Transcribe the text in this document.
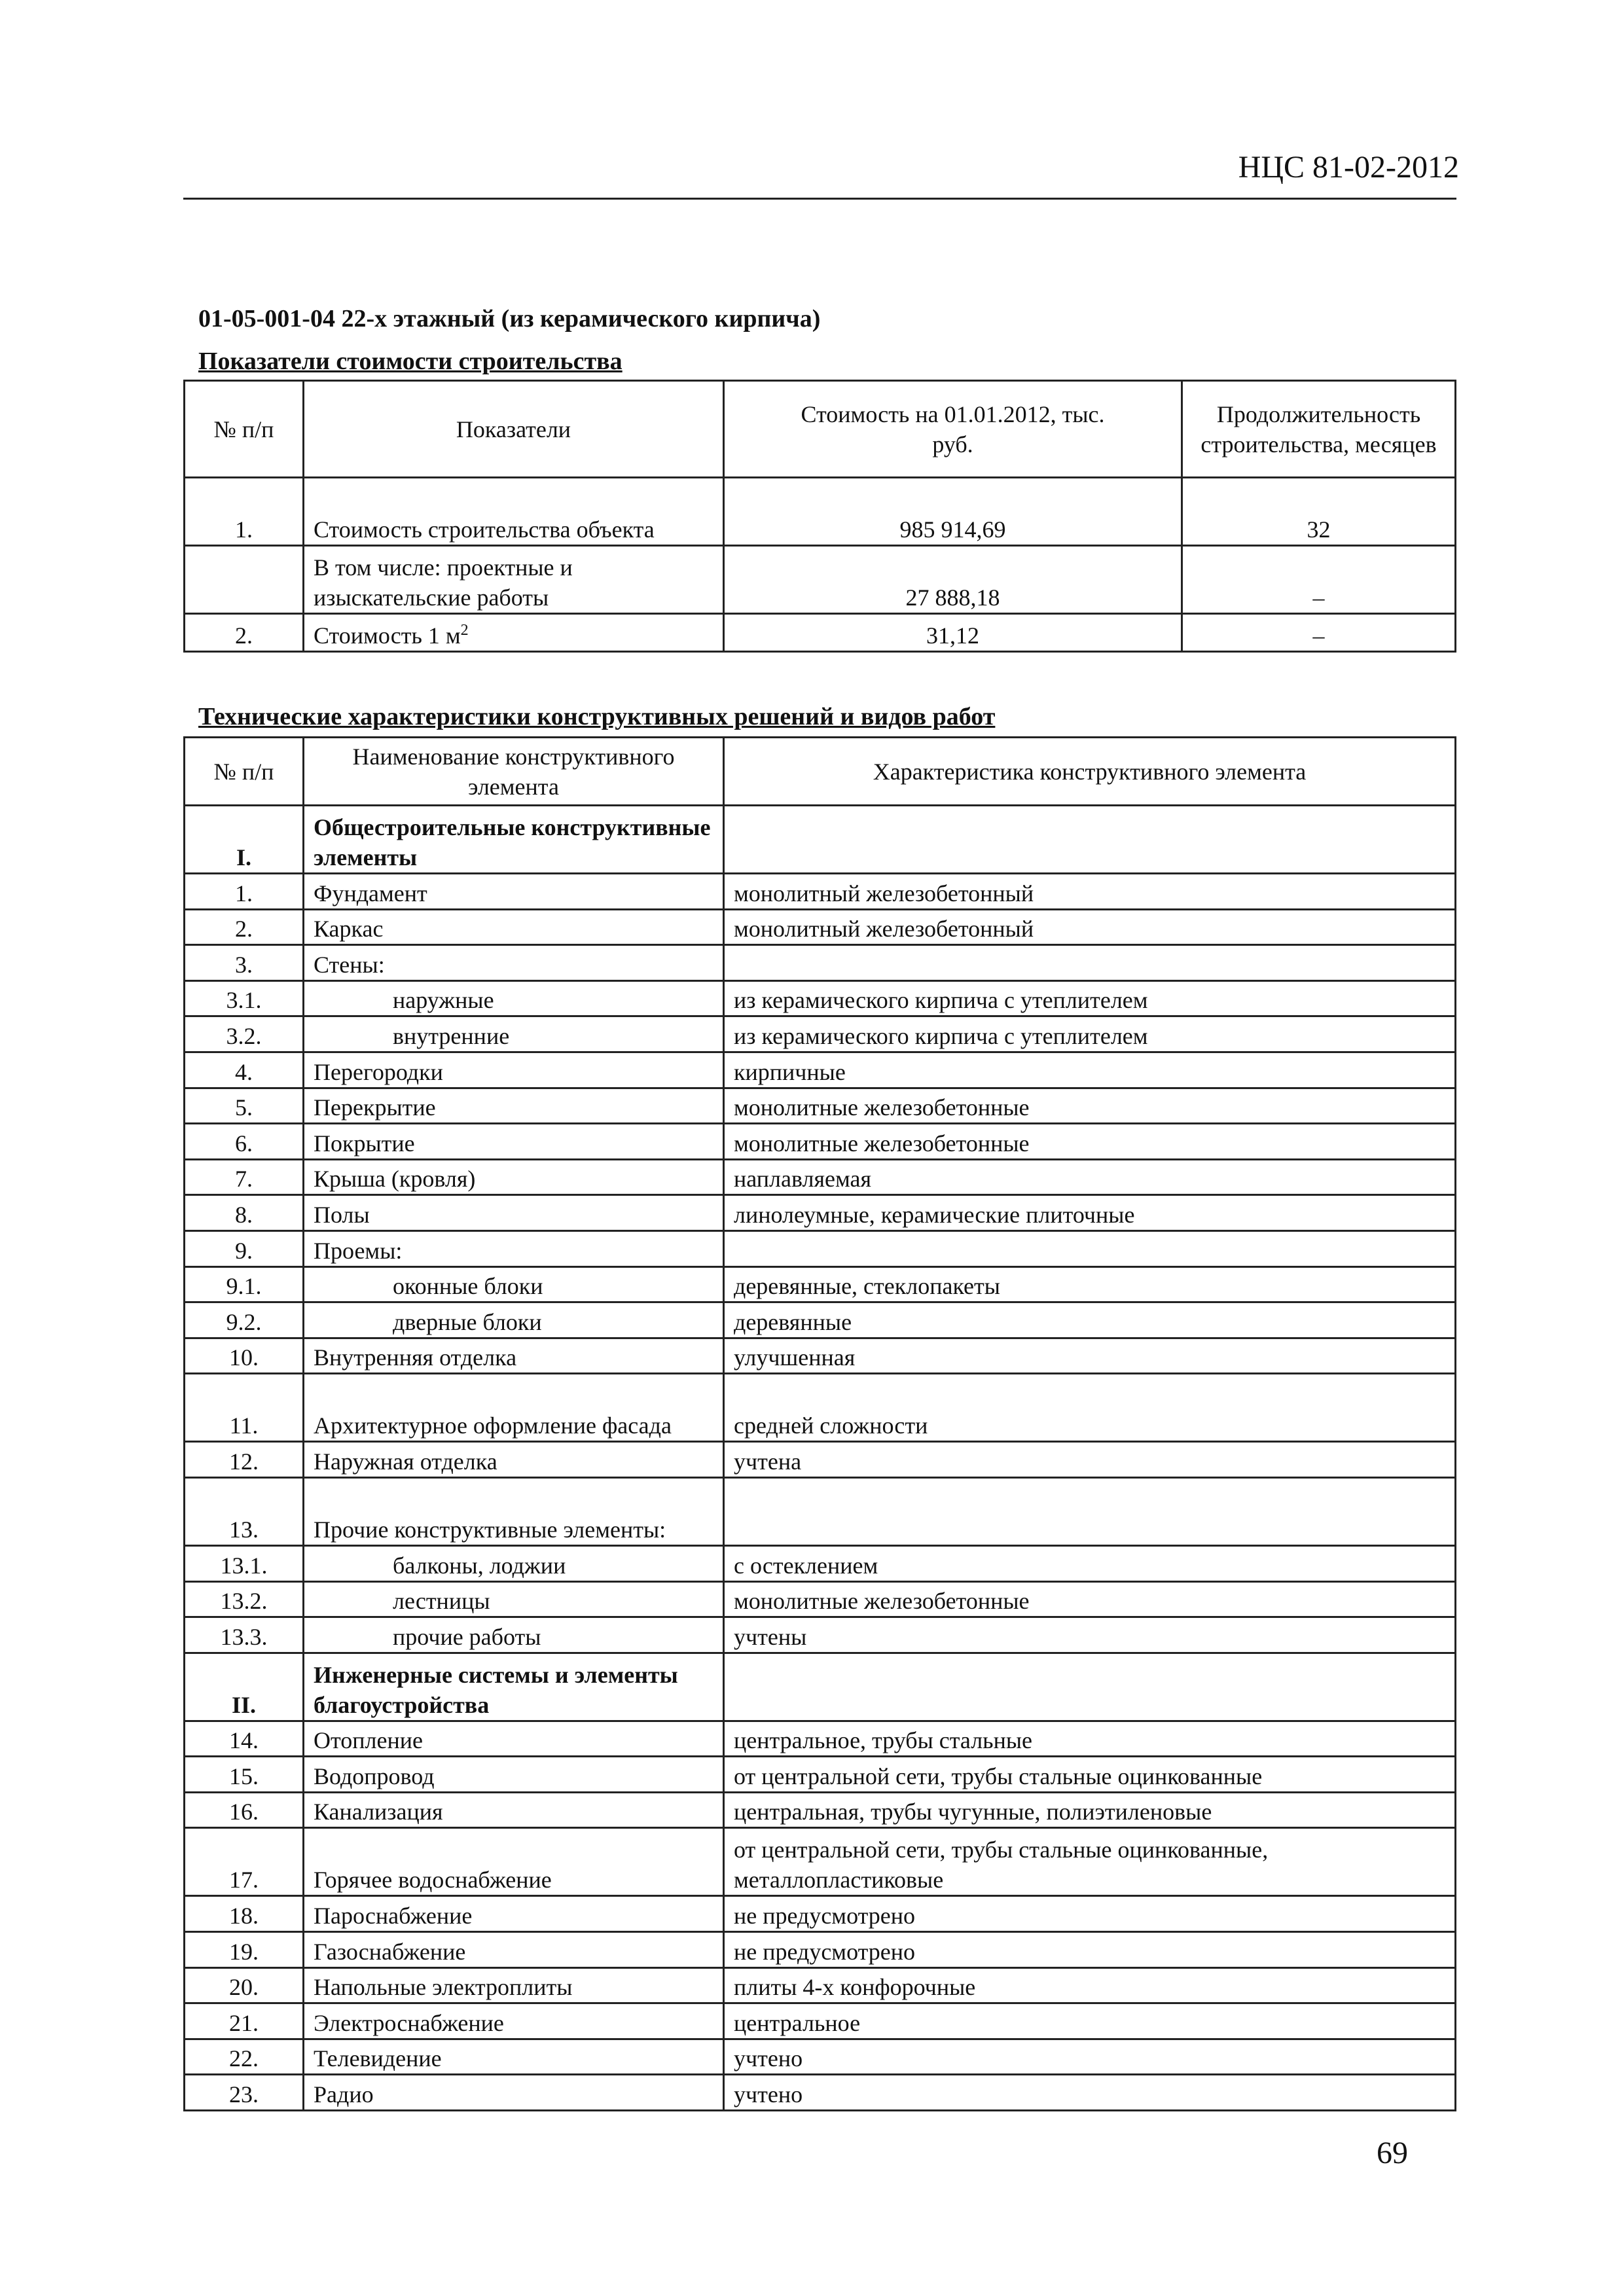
НЦС 81-02-2012
01-05-001-04 22-х этажный (из керамического кирпича)
Показатели стоимости строительства
№ п/п	Показатели	Стоимость на 01.01.2012, тыс. руб.	Продолжительность строительства, месяцев
1.	Стоимость строительства объекта	985 914,69	32
	В том числе: проектные и изыскательские работы	27 888,18	–
2.	Стоимость 1 $м^2$	31,12	–
Технические характеристики конструктивных решений и видов работ
№ п/п	Наименование конструктивного элемента	Характеристика конструктивного элемента
I.	Общестроительные конструктивные элементы	
1.	Фундамент	монолитный железобетонный
2.	Каркас	монолитный железобетонный
3.	Стены:	
3.1.	наружные	из керамического кирпича с утеплителем
3.2.	внутренние	из керамического кирпича с утеплителем
4.	Перегородки	кирпичные
5.	Перекрытие	монолитные железобетонные
6.	Покрытие	монолитные железобетонные
7.	Крыша (кровля)	наплавляемая
8.	Полы	линолеумные, керамические плиточные
9.	Проемы:	
9.1.	оконные блоки	деревянные, стеклопакеты
9.2.	дверные блоки	деревянные
10.	Внутренняя отделка	улучшенная
11.	Архитектурное оформление фасада	средней сложности
12.	Наружная отделка	учтена
13.	Прочие конструктивные элементы:	
13.1.	балконы, лоджии	с остеклением
13.2.	лестницы	монолитные железобетонные
13.3.	прочие работы	учтены
II.	Инженерные системы и элементы благоустройства	
14.	Отопление	центральное, трубы стальные
15.	Водопровод	от центральной сети, трубы стальные оцинкованные
16.	Канализация	центральная, трубы чугунные, полиэтиленовые
17.	Горячее водоснабжение	от центральной сети, трубы стальные оцинкованные, металлопластиковые
18.	Пароснабжение	не предусмотрено
19.	Газоснабжение	не предусмотрено
20.	Напольные электроплиты	плиты 4-х конфорочные
21.	Электроснабжение	центральное
22.	Телевидение	учтено
23.	Радио	учтено
69
